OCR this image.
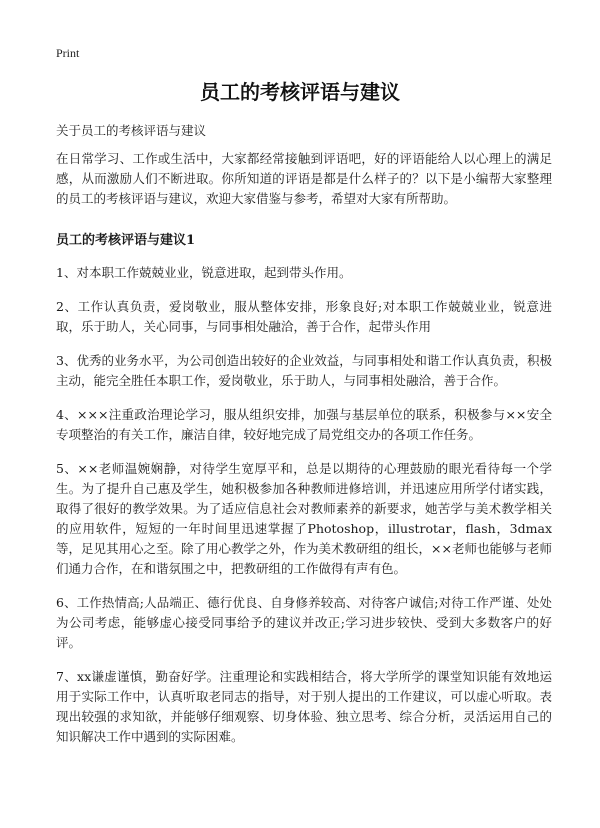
Print
员工的考核评语与建议
关于员工的考核评语与建议

在日常学习、工作或生活中，大家都经常接触到评语吧，好的评语能给人以心理上的满足感，从而激励人们不断进取。你所知道的评语是都是什么样子的？以下是小编帮大家整理的员工的考核评语与建议，欢迎大家借鉴与参考，希望对大家有所帮助。

员工的考核评语与建议1

1、对本职工作兢兢业业，锐意进取，起到带头作用。

2、工作认真负责，爱岗敬业，服从整体安排，形象良好;对本职工作兢兢业业，锐意进取，乐于助人，关心同事，与同事相处融洽，善于合作，起带头作用

3、优秀的业务水平，为公司创造出较好的企业效益，与同事相处和谐工作认真负责，积极主动，能完全胜任本职工作，爱岗敬业，乐于助人，与同事相处融洽，善于合作。

4、×××注重政治理论学习，服从组织安排，加强与基层单位的联系，积极参与××安全专项整治的有关工作，廉洁自律，较好地完成了局党组交办的各项工作任务。

5、××老师温婉娴静，对待学生宽厚平和，总是以期待的心理鼓励的眼光看待每一个学生。为了提升自己惠及学生，她积极参加各种教师进修培训，并迅速应用所学付诸实践，取得了很好的教学效果。为了适应信息社会对教师素养的新要求，她苦学与美术教学相关的应用软件，短短的一年时间里迅速掌握了Photoshop，illustrotar，flash，3dmax等，足见其用心之至。除了用心教学之外，作为美术教研组的组长，××老师也能够与老师们通力合作，在和谐氛围之中，把教研组的工作做得有声有色。

6、工作热情高;人品端正、德行优良、自身修养较高、对待客户诚信;对待工作严谨、处处为公司考虑，能够虚心接受同事给予的建议并改正;学习进步较快、受到大多数客户的好评。

7、xx谦虚谨慎，勤奋好学。注重理论和实践相结合，将大学所学的课堂知识能有效地运用于实际工作中，认真听取老同志的指导，对于别人提出的工作建议，可以虚心听取。表现出较强的求知欲，并能够仔细观察、切身体验、独立思考、综合分析，灵活运用自己的知识解决工作中遇到的实际困难。
